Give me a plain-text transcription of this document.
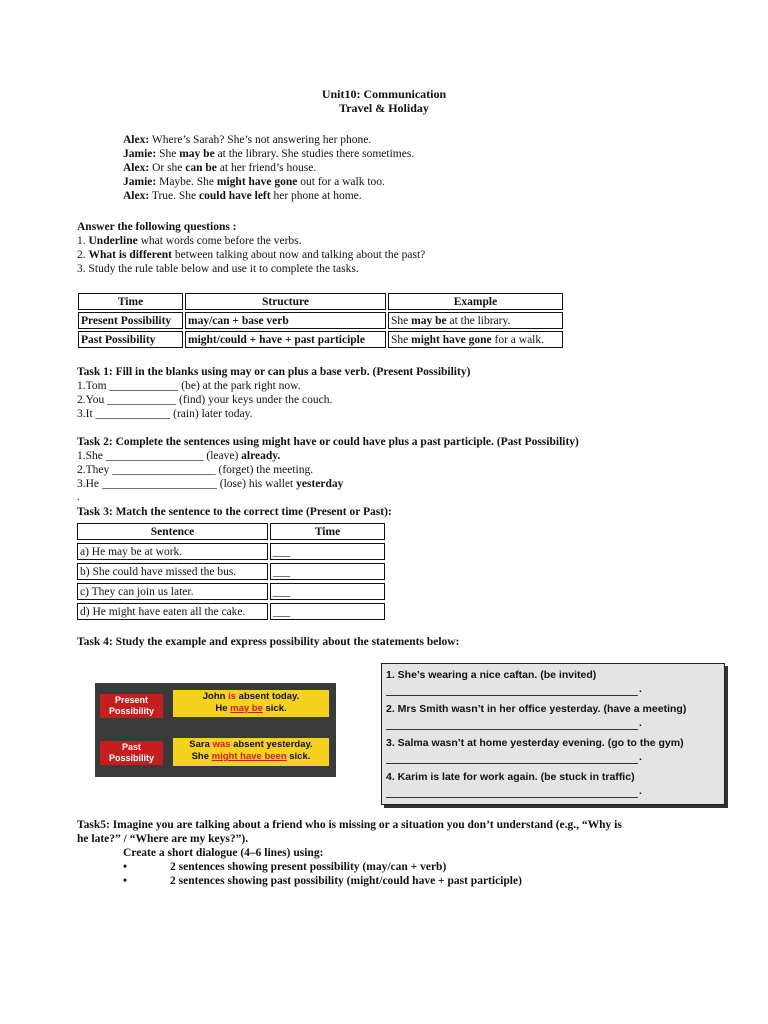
Unit10: Communication
Travel & Holiday
Alex: Where’s Sarah? She’s not answering her phone.
Jamie: She may be at the library. She studies there sometimes.
Alex: Or she can be at her friend’s house.
Jamie: Maybe. She might have gone out for a walk too.
Alex: True. She could have left her phone at home.
Answer the following questions :
1. Underline what words come before the verbs.
2. What is different between talking about now and talking about the past?
3. Study the rule table below and use it to complete the tasks.
Time	Structure	Example
Present Possibility	may/can + base verb	She may be at the library.
Past Possibility	might/could + have + past participle	She might have gone for a walk.
Task 1: Fill in the blanks using may or can plus a base verb. (Present Possibility)
1.Tom ____________ (be) at the park right now.
2.You ____________ (find) your keys under the couch.
3.It _____________ (rain) later today.
Task 2: Complete the sentences using might have or could have plus a past participle. (Past Possibility)
1.She _________________ (leave) already.
2.They __________________ (forget) the meeting.
3.He ____________________ (lose) his wallet yesterday
.
Task 3: Match the sentence to the correct time (Present or Past):
Sentence	Time
a) He may be at work.	___
b) She could have missed the bus.	___
c) They can join us later.	___
d) He might have eaten all the cake.	___
Task 4: Study the example and express possibility about the statements below:
Present
Possibility
John is absent today.
He may be sick.
Past
Possibility
Sara was absent yesterday.
She might have been sick.
1. She’s wearing a nice caftan. (be invited)
.
2. Mrs Smith wasn’t in her office yesterday. (have a meeting)
.
3. Salma wasn’t at home yesterday evening. (go to the gym)
.
4. Karim is late for work again. (be stuck in traffic)
.
Task5: Imagine you are talking about a friend who is missing or a situation you don’t understand (e.g., “Why is
he late?” / “Where are my keys?”).
Create a short dialogue (4–6 lines) using:
•	2 sentences showing present possibility (may/can + verb)
•	2 sentences showing past possibility (might/could have + past participle)
